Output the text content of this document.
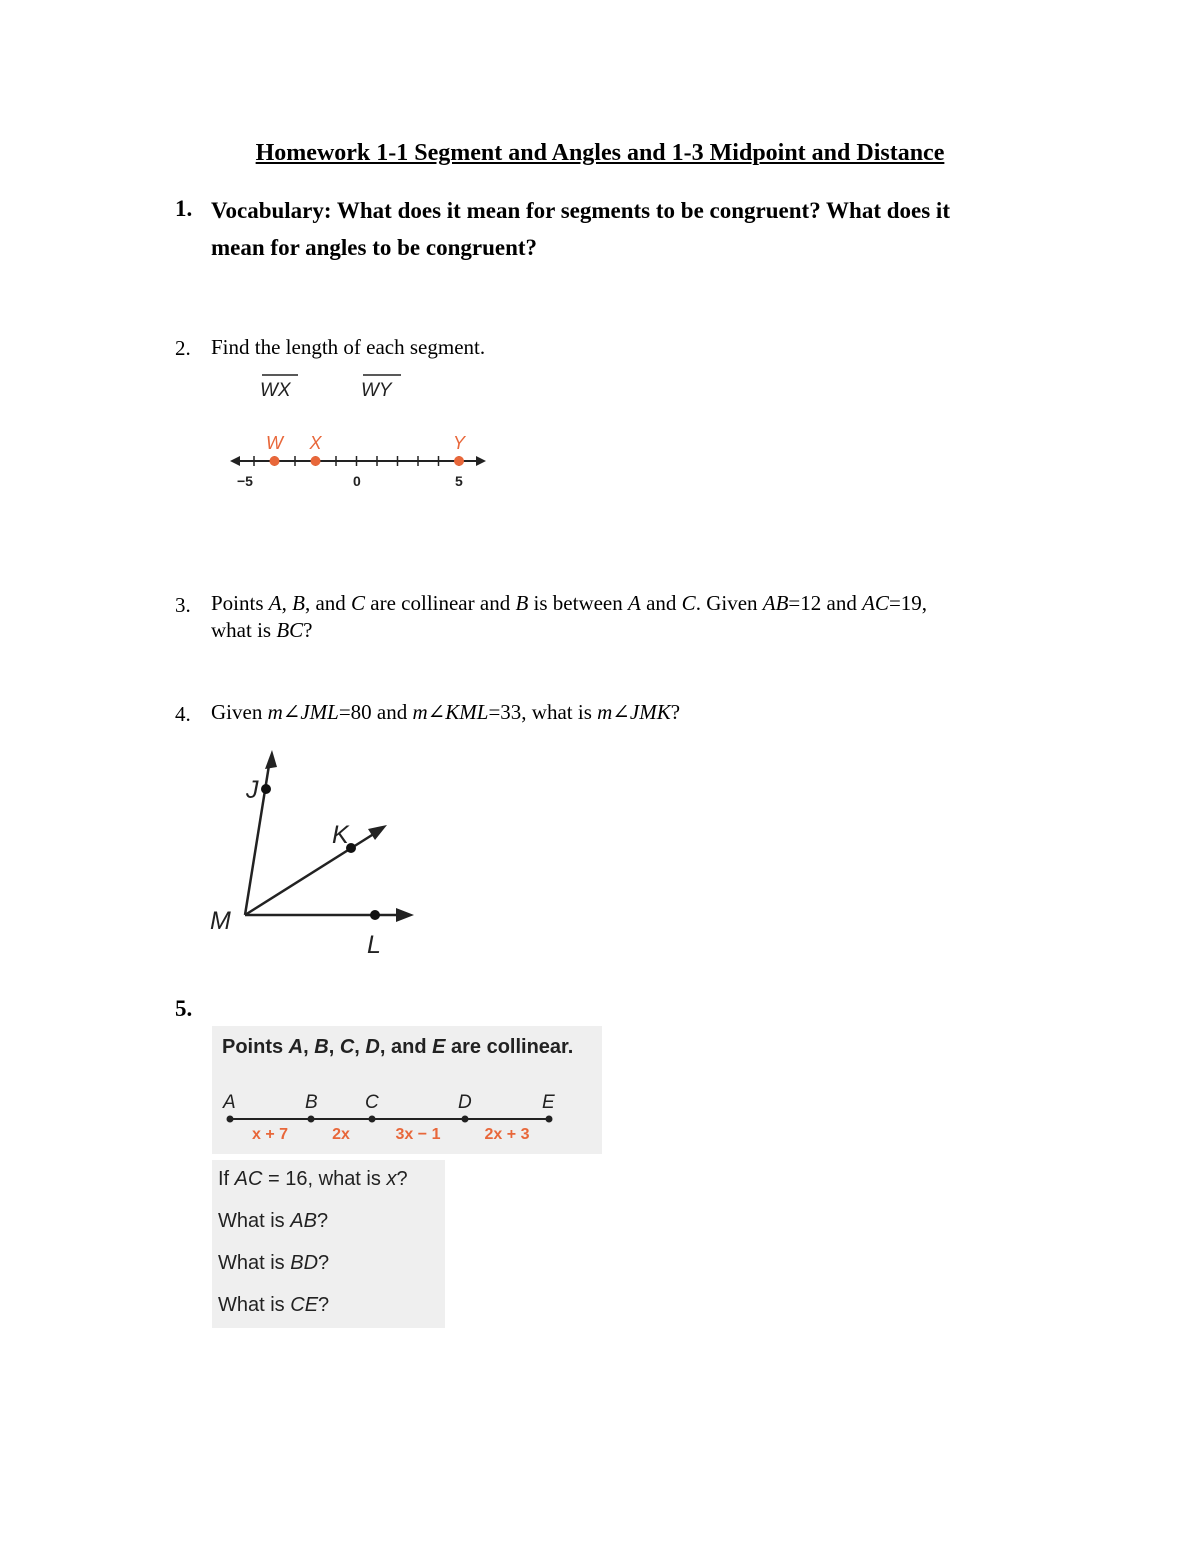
Homework 1-1 Segment and Angles and 1-3 Midpoint and Distance
1. Vocabulary: What does it mean for segments to be congruent? What does it
mean for angles to be congruent?
2. Find the length of each segment.
WX	WY
−5	0	5
W X	Y
3. Points A, B, and C are collinear and B is between A and C. Given AB=12 and AC=19,
what is BC?
4. Given m∠JML=80 and m∠KML=33, what is m∠JMK?
J
K
M
L
5.
Points A, B, C, D, and E are collinear.
A	B C	D	E
x + 7	2x	3x − 1	2x + 3
If AC = 16, what is x?
What is AB?
What is BD?
What is CE?
